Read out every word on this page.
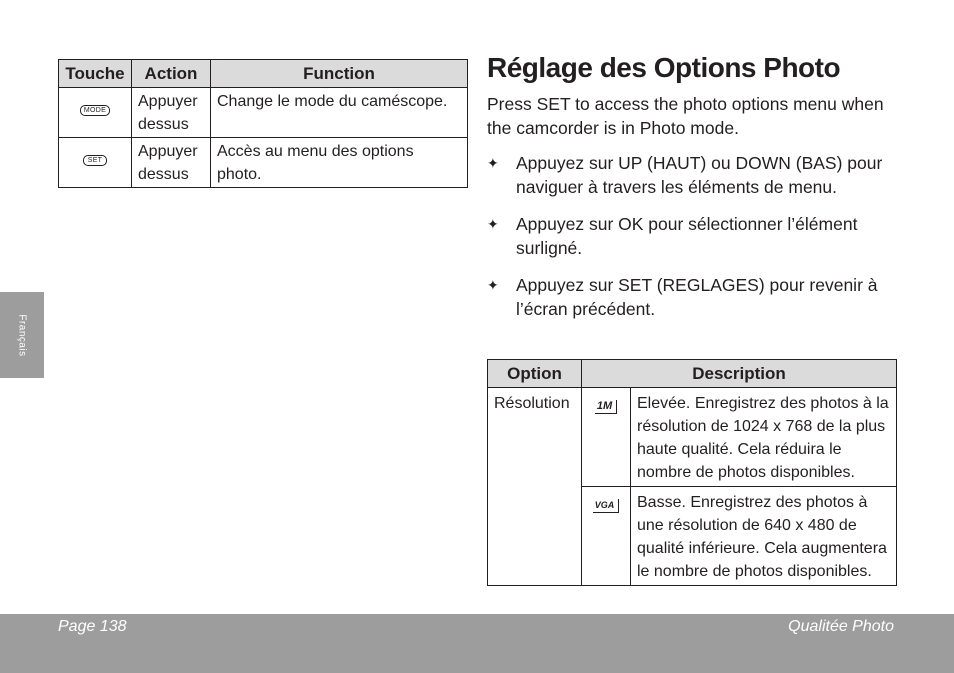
Français
Touche	Action	Function
MODE	Appuyer dessus	Change le mode du caméscope.
SET	Appuyer dessus	Accès au menu des options photo.
Réglage des Options Photo

Press SET to access the photo options menu when the camcorder is in Photo mode.

✦ Appuyez sur UP (HAUT) ou DOWN (BAS) pour naviguer à travers les éléments de menu.
✦ Appuyez sur OK pour sélectionner l’élément surligné.
✦ Appuyez sur SET (REGLAGES) pour revenir à l’écran précédent.
Option	Description	
Résolution	1M	Elevée. Enregistrez des photos à la résolution de 1024 x 768 de la plus haute qualité. Cela réduira le nombre de photos disponibles.
	VGA	Basse. Enregistrez des photos à une résolution de 640 x 480 de qualité inférieure. Cela augmentera le nombre de photos disponibles.
Page 138	Qualitée Photo
